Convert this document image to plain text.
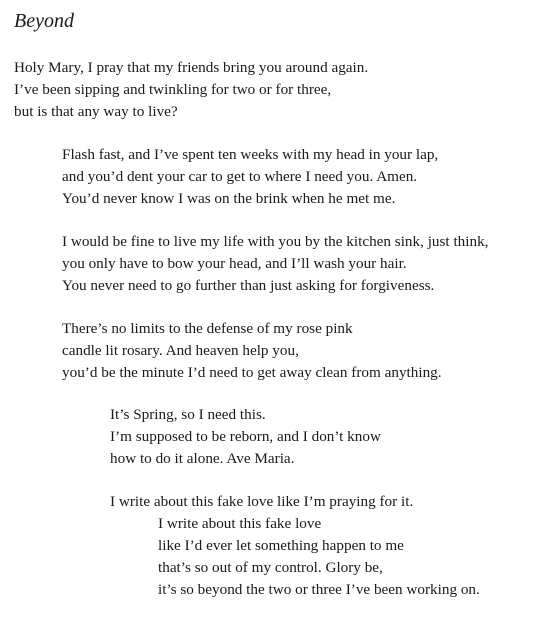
Beyond
Holy Mary, I pray that my friends bring you around again.
I’ve been sipping and twinkling for two or for three,
but is that any way to live?
Flash fast, and I’ve spent ten weeks with my head in your lap,
and you’d dent your car to get to where I need you. Amen.
You’d never know I was on the brink when he met me.
I would be fine to live my life with you by the kitchen sink, just think,
you only have to bow your head, and I’ll wash your hair.
You never need to go further than just asking for forgiveness.
There’s no limits to the defense of my rose pink
candle lit rosary. And heaven help you,
you’d be the minute I’d need to get away clean from anything.
It’s Spring, so I need this.
I’m supposed to be reborn, and I don’t know
how to do it alone. Ave Maria.
I write about this fake love like I’m praying for it.
I write about this fake love
like I’d ever let something happen to me
that’s so out of my control. Glory be,
it’s so beyond the two or three I’ve been working on.
